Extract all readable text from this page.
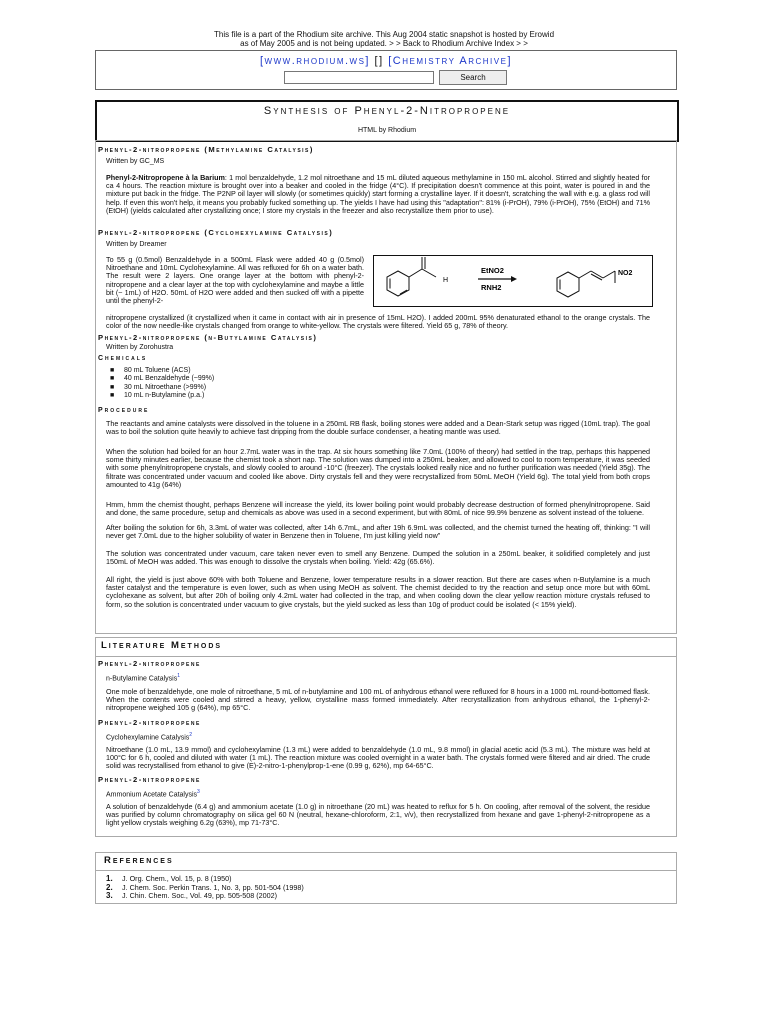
This file is a part of the Rhodium site archive. This Aug 2004 static snapshot is hosted by Erowid
as of May 2005 and is not being updated. > > Back to Rhodium Archive Index > >
[www.rhodium.ws] [] [Chemistry Archive]
Search
Synthesis of Phenyl-2-Nitropropene
HTML by Rhodium
Phenyl-2-nitropropene (Methylamine Catalysis)
Written by GC_MS
Phenyl-2-Nitropropene à la Barium: 1 mol benzaldehyde, 1.2 mol nitroethane and 15 mL diluted aqueous methylamine in 150 mL alcohol. Stirred and slightly heated for ca 4 hours. The reaction mixture is brought over into a beaker and cooled in the fridge (4°C). If precipitation doesn't commence at this point, water is poured in and the mixture put back in the fridge. The P2NP oil layer will slowly (or sometimes quickly) start forming a crystalline layer. If it doesn't, scratching the wall with e.g. a glass rod will help. If even this won't help, it means you probably fucked something up. The yields I have had using this "adaptation": 81% (i-PrOH), 79% (i-PrOH), 75% (EtOH) and 71% (EtOH) (yields calculated after crystallizing once; I store my crystals in the freezer and also recrystallize them prior to use).
Phenyl-2-nitropropene (Cyclohexylamine Catalysis)
Written by Dreamer
To 55 g (0.5mol) Benzaldehyde in a 500mL Flask were added 40 g (0.5mol) Nitroethane and 10mL Cyclohexylamine. All was refluxed for 6h on a water bath. The result were 2 layers. One orange layer at the bottom with phenyl-2-nitropropene and a clear layer at the top with cyclohexylamine and maybe a little bit (~ 1mL) of H2O. 50mL of H2O were added and then sucked off with a pipette until the phenyl-2-
H
EtNO2
RNH2
NO2
nitropropene crystallized (it crystallized when it came in contact with air in presence of 15mL H2O). I added 200mL 95% denaturated ethanol to the orange crystals. The color of the now needle-like crystals changed from orange to white-yellow. The crystals were filtered. Yield 65 g, 78% of theory.
Phenyl-2-nitropropene (n-Butylamine Catalysis)
Written by Zorohustra
Chemicals
■ 80 mL Toluene (ACS)
■ 40 mL Benzaldehyde (~99%)
■ 30 mL Nitroethane (>99%)
■ 10 mL n-Butylamine (p.a.)
Procedure
The reactants and amine catalysts were dissolved in the toluene in a 250mL RB flask, boiling stones were added and a Dean-Stark setup was rigged (10mL trap). The goal was to boil the solution quite heavily to achieve fast dripping from the double surface condenser, a heating mantle was used.
When the solution had boiled for an hour 2.7mL water was in the trap. At six hours something like 7.0mL (100% of theory) had settled in the trap, perhaps this happened some thirty minutes earlier, because the chemist took a short nap. The solution was dumped into a 250mL beaker, and allowed to cool to room temperature, it was seeded with some phenylnitropropene crystals, and slowly cooled to around -10°C (freezer). The crystals looked really nice and no further purification was needed (Yield 35g). The filtrate was concentrated under vacuum and cooled like above. Dirty crystals fell and they were recrystallized from 50mL MeOH (Yield 6g). The total yield from both crops amounted to 41g (64%)
Hmm, hmm the chemist thought, perhaps Benzene will increase the yield, its lower boiling point would probably decrease destruction of formed phenylnitropropene. Said and done, the same procedure, setup and chemicals as above was used in a second experiment, but with 80mL of nice 99.9% benzene as solvent instead of the toluene.
After boiling the solution for 6h, 3.3mL of water was collected, after 14h 6.7mL, and after 19h 6.9mL was collected, and the chemist turned the heating off, thinking: "I will never get 7.0mL due to the higher solubility of water in Benzene then in Toluene, I'm just killing yield now"
The solution was concentrated under vacuum, care taken never even to smell any Benzene. Dumped the solution in a 250mL beaker, it solidified completely and just 150mL of MeOH was added. This was enough to dissolve the crystals when boiling. Yield: 42g (65.6%).
All right, the yield is just above 60% with both Toluene and Benzene, lower temperature results in a slower reaction. But there are cases when n-Butylamine is a much faster catalyst and the temperature is even lower, such as when using MeOH as solvent. The chemist decided to try the reaction and setup once more but with 60mL cyclohexane as solvent, but after 20h of boiling only 4.2mL water had collected in the trap, and when cooling down the clear yellow reaction mixture crystals refused to form, so the solution is concentrated under vacuum to give crystals, but the yield sucked as less than 10g of product could be isolated (< 15% yield).
Literature Methods
Phenyl-2-nitropropene
n-Butylamine Catalysis$^1$
One mole of benzaldehyde, one mole of nitroethane, 5 mL of n-butylamine and 100 mL of anhydrous ethanol were refluxed for 8 hours in a 1000 mL round-bottomed flask. When the contents were cooled and stirred a heavy, yellow, crystalline mass formed immediately. After recrystallization from anhydrous ethanol, the 1-phenyl-2-nitropropene weighed 105 g (64%), mp 65°C.
Phenyl-2-nitropropene
Cyclohexylamine Catalysis$^2$
Nitroethane (1.0 mL, 13.9 mmol) and cyclohexylamine (1.3 mL) were added to benzaldehyde (1.0 mL, 9.8 mmol) in glacial acetic acid (5.3 mL). The mixture was held at 100°C for 6 h, cooled and diluted with water (1 mL). The reaction mixture was cooled overnight in a water bath. The crystals formed were filtered and air dried. The crude solid was recrystallised from ethanol to give (E)-2-nitro-1-phenylprop-1-ene (0.99 g, 62%), mp 64-65°C.
Phenyl-2-nitropropene
Ammonium Acetate Catalysis$^3$
A solution of benzaldehyde (6.4 g) and ammonium acetate (1.0 g) in nitroethane (20 mL) was heated to reflux for 5 h. On cooling, after removal of the solvent, the residue was purified by column chromatography on silica gel 60 N (neutral, hexane-chloroform, 2:1, v/v), then recrystallized from hexane and gave 1-phenyl-2-nitropropene as a light yellow crystals weighing 6.2g (63%), mp 71-73°C.
References
1. J. Org. Chem., Vol. 15, p. 8 (1950)
2. J. Chem. Soc. Perkin Trans. 1, No. 3, pp. 501-504 (1998)
3. J. Chin. Chem. Soc., Vol. 49, pp. 505-508 (2002)
